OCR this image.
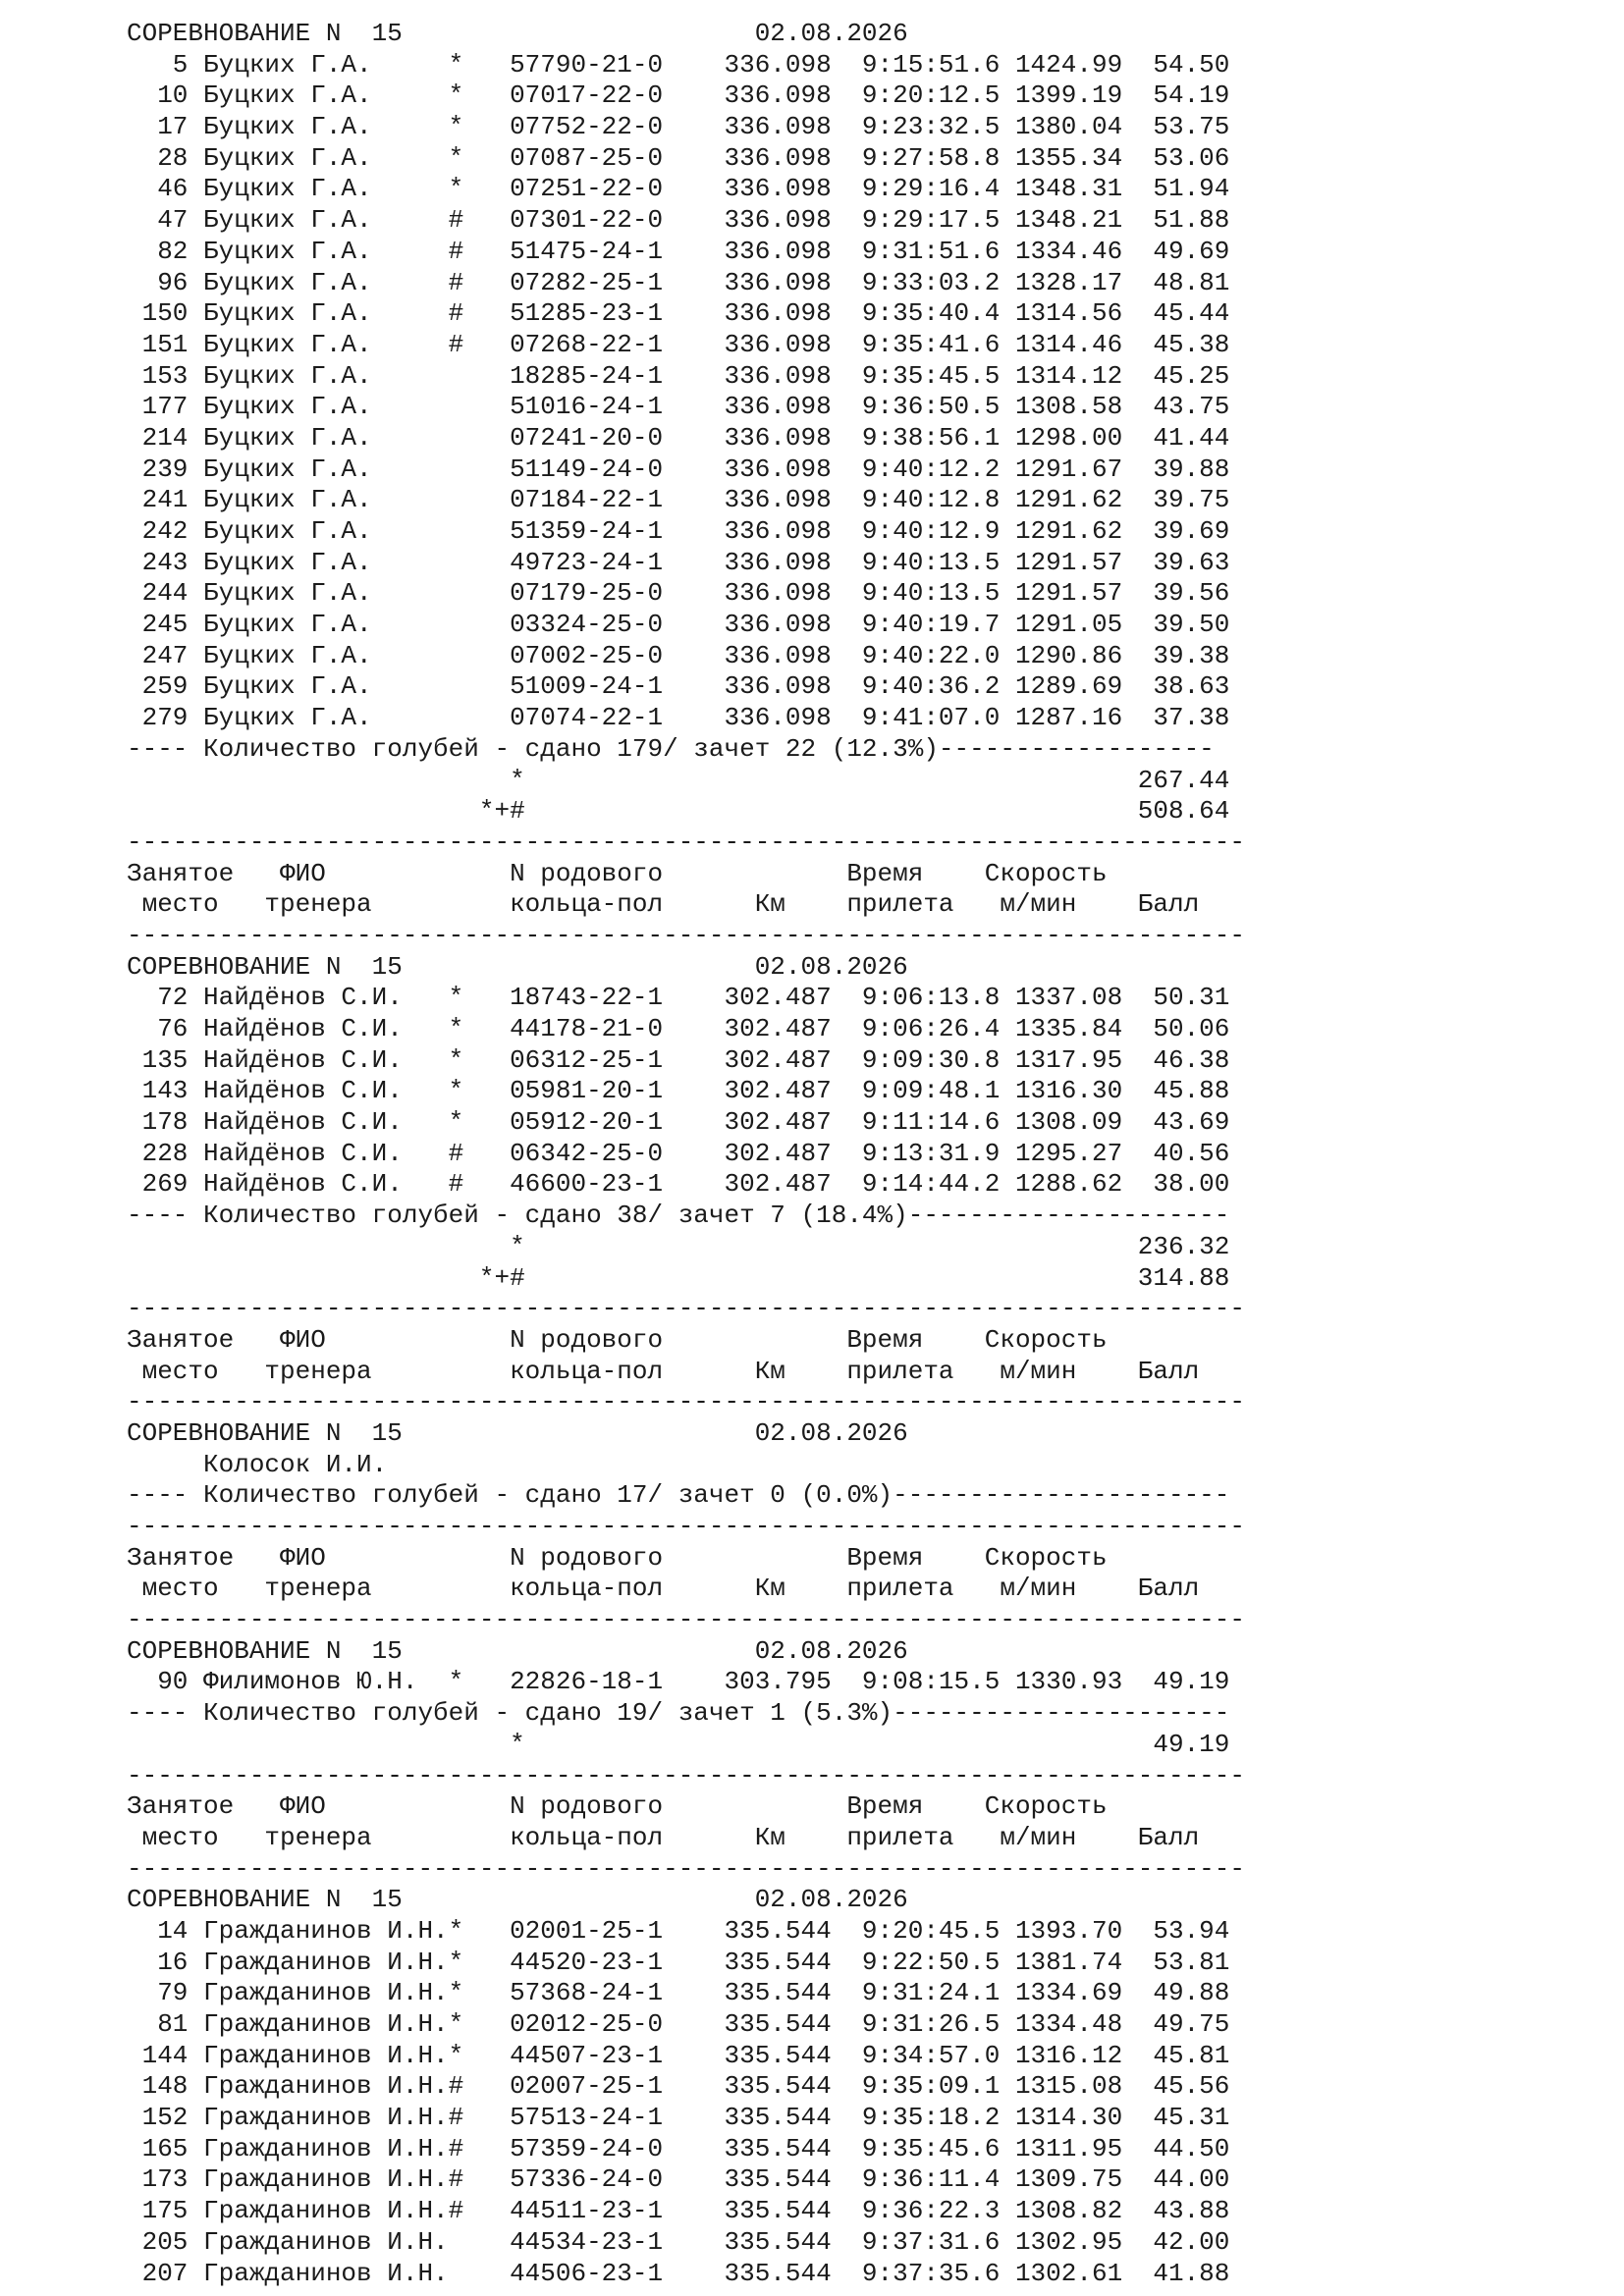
СОРЕВНОВАНИЕ N  15                       02.08.2026
5 Буцких Г.А.     *   57790-21-0    336.098  9:15:51.6 1424.99  54.50
10 Буцких Г.А.     *   07017-22-0    336.098  9:20:12.5 1399.19  54.19
17 Буцких Г.А.     *   07752-22-0    336.098  9:23:32.5 1380.04  53.75
28 Буцких Г.А.     *   07087-25-0    336.098  9:27:58.8 1355.34  53.06
46 Буцких Г.А.     *   07251-22-0    336.098  9:29:16.4 1348.31  51.94
47 Буцких Г.А.     #   07301-22-0    336.098  9:29:17.5 1348.21  51.88
82 Буцких Г.А.     #   51475-24-1    336.098  9:31:51.6 1334.46  49.69
96 Буцких Г.А.     #   07282-25-1    336.098  9:33:03.2 1328.17  48.81
150 Буцких Г.А.     #   51285-23-1    336.098  9:35:40.4 1314.56  45.44
151 Буцких Г.А.     #   07268-22-1    336.098  9:35:41.6 1314.46  45.38
153 Буцких Г.А.         18285-24-1    336.098  9:35:45.5 1314.12  45.25
177 Буцких Г.А.         51016-24-1    336.098  9:36:50.5 1308.58  43.75
214 Буцких Г.А.         07241-20-0    336.098  9:38:56.1 1298.00  41.44
239 Буцких Г.А.         51149-24-0    336.098  9:40:12.2 1291.67  39.88
241 Буцких Г.А.         07184-22-1    336.098  9:40:12.8 1291.62  39.75
242 Буцких Г.А.         51359-24-1    336.098  9:40:12.9 1291.62  39.69
243 Буцких Г.А.         49723-24-1    336.098  9:40:13.5 1291.57  39.63
244 Буцких Г.А.         07179-25-0    336.098  9:40:13.5 1291.57  39.56
245 Буцких Г.А.         03324-25-0    336.098  9:40:19.7 1291.05  39.50
247 Буцких Г.А.         07002-25-0    336.098  9:40:22.0 1290.86  39.38
259 Буцких Г.А.         51009-24-1    336.098  9:40:36.2 1289.69  38.63
279 Буцких Г.А.         07074-22-1    336.098  9:41:07.0 1287.16  37.38
---- Количество голубей - сдано 179/ зачет 22 (12.3%)------------------
*                                        267.44
*+#                                        508.64
-------------------------------------------------------------------------
Занятое   ФИО            N родового            Время    Скорость
место   тренера         кольца-пол      Км    прилета   м/мин    Балл
-------------------------------------------------------------------------
СОРЕВНОВАНИЕ N  15                       02.08.2026
72 Найдёнов С.И.   *   18743-22-1    302.487  9:06:13.8 1337.08  50.31
76 Найдёнов С.И.   *   44178-21-0    302.487  9:06:26.4 1335.84  50.06
135 Найдёнов С.И.   *   06312-25-1    302.487  9:09:30.8 1317.95  46.38
143 Найдёнов С.И.   *   05981-20-1    302.487  9:09:48.1 1316.30  45.88
178 Найдёнов С.И.   *   05912-20-1    302.487  9:11:14.6 1308.09  43.69
228 Найдёнов С.И.   #   06342-25-0    302.487  9:13:31.9 1295.27  40.56
269 Найдёнов С.И.   #   46600-23-1    302.487  9:14:44.2 1288.62  38.00
---- Количество голубей - сдано 38/ зачет 7 (18.4%)---------------------
*                                        236.32
*+#                                        314.88
-------------------------------------------------------------------------
Занятое   ФИО            N родового            Время    Скорость
место   тренера         кольца-пол      Км    прилета   м/мин    Балл
-------------------------------------------------------------------------
СОРЕВНОВАНИЕ N  15                       02.08.2026
Колосок И.И.
---- Количество голубей - сдано 17/ зачет 0 (0.0%)----------------------
-------------------------------------------------------------------------
Занятое   ФИО            N родового            Время    Скорость
место   тренера         кольца-пол      Км    прилета   м/мин    Балл
-------------------------------------------------------------------------
СОРЕВНОВАНИЕ N  15                       02.08.2026
90 Филимонов Ю.Н.  *   22826-18-1    303.795  9:08:15.5 1330.93  49.19
---- Количество голубей - сдано 19/ зачет 1 (5.3%)----------------------
*                                         49.19
-------------------------------------------------------------------------
Занятое   ФИО            N родового            Время    Скорость
место   тренера         кольца-пол      Км    прилета   м/мин    Балл
-------------------------------------------------------------------------
СОРЕВНОВАНИЕ N  15                       02.08.2026
14 Гражданинов И.Н.*   02001-25-1    335.544  9:20:45.5 1393.70  53.94
16 Гражданинов И.Н.*   44520-23-1    335.544  9:22:50.5 1381.74  53.81
79 Гражданинов И.Н.*   57368-24-1    335.544  9:31:24.1 1334.69  49.88
81 Гражданинов И.Н.*   02012-25-0    335.544  9:31:26.5 1334.48  49.75
144 Гражданинов И.Н.*   44507-23-1    335.544  9:34:57.0 1316.12  45.81
148 Гражданинов И.Н.#   02007-25-1    335.544  9:35:09.1 1315.08  45.56
152 Гражданинов И.Н.#   57513-24-1    335.544  9:35:18.2 1314.30  45.31
165 Гражданинов И.Н.#   57359-24-0    335.544  9:35:45.6 1311.95  44.50
173 Гражданинов И.Н.#   57336-24-0    335.544  9:36:11.4 1309.75  44.00
175 Гражданинов И.Н.#   44511-23-1    335.544  9:36:22.3 1308.82  43.88
205 Гражданинов И.Н.    44534-23-1    335.544  9:37:31.6 1302.95  42.00
207 Гражданинов И.Н.    44506-23-1    335.544  9:37:35.6 1302.61  41.88
